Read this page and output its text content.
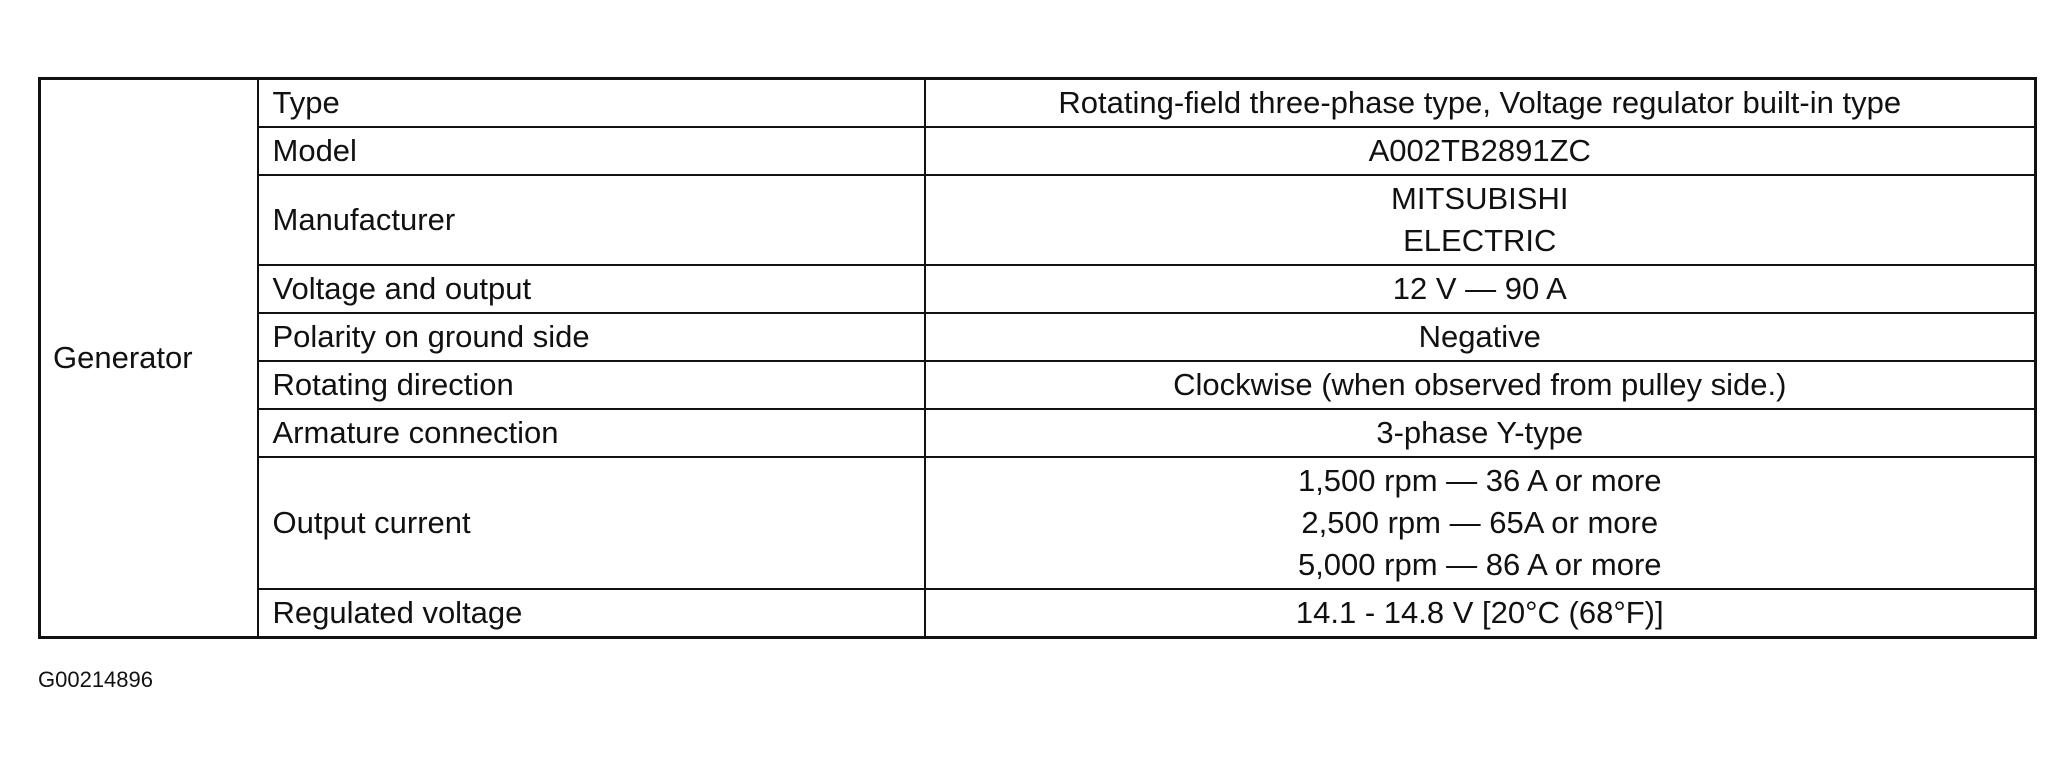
Generator	Type	Rotating-field three-phase type, Voltage regulator built-in type

	Model	A002TB2891ZC

	Manufacturer	MITSUBISHI
ELECTRIC

	Voltage and output	12 V — 90 A

	Polarity on ground side	Negative

	Rotating direction	Clockwise (when observed from pulley side.)

	Armature connection	3-phase Y-type

	Output current	1,500 rpm — 36 A or more
2,500 rpm — 65A or more
5,000 rpm — 86 A or more

	Regulated voltage	14.1 - 14.8 V [20°C (68°F)]
G00214896
